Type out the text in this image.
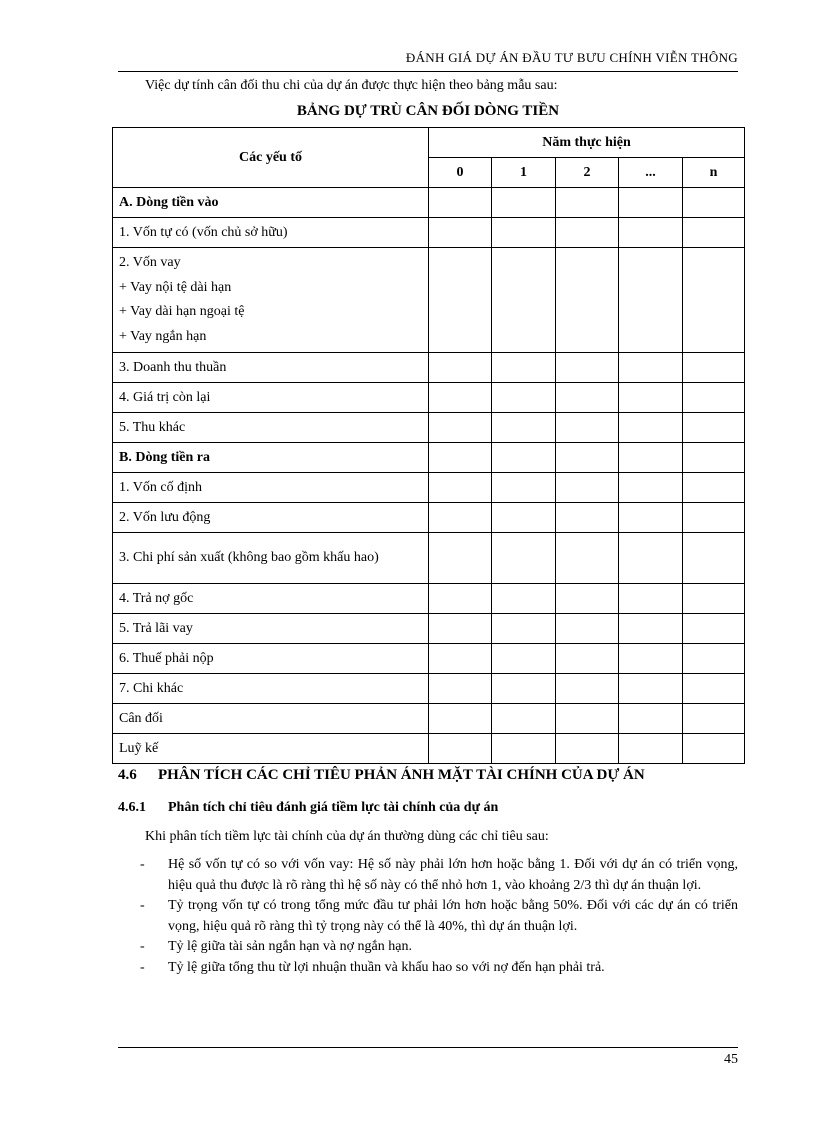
ĐÁNH GIÁ DỰ ÁN ĐẦU TƯ BƯU CHÍNH VIỄN THÔNG
Việc dự tính cân đối thu chi của dự án được thực hiện theo bảng mẫu sau:
BẢNG DỰ TRÙ CÂN ĐỐI DÒNG TIỀN
Các yếu tố	Năm thực hiện				
	0	1	2	...	n
A. Dòng tiền vào					
1. Vốn tự có (vốn chủ sở hữu)					

2. Vốn vay
+ Vay nội tệ dài hạn
+ Vay dài hạn ngoại tệ
+ Vay ngắn hạn					

3. Doanh thu thuần					
4. Giá trị còn lại					
5. Thu khác					
B. Dòng tiền ra					
1. Vốn cố định					
2. Vốn lưu động					
3. Chi phí sản xuất (không bao gồm khấu hao)					
4. Trả nợ gốc					
5. Trả lãi vay					
6. Thuế phải nộp					
7. Chi khác					
Cân đối					
Luỹ kế					
4.6 PHÂN TÍCH CÁC CHỈ TIÊU PHẢN ÁNH MẶT TÀI CHÍNH CỦA DỰ ÁN
4.6.1 Phân tích chỉ tiêu đánh giá tiềm lực tài chính của dự án
Khi phân tích tiềm lực tài chính của dự án thường dùng các chỉ tiêu sau:
- Hệ số vốn tự có so với vốn vay: Hệ số này phải lớn hơn hoặc bằng 1. Đối với dự án có triển vọng, hiệu quả thu được là rõ ràng thì hệ số này có thể nhỏ hơn 1, vào khoảng 2/3 thì dự án thuận lợi.
- Tỷ trọng vốn tự có trong tổng mức đầu tư phải lớn hơn hoặc bằng 50%. Đối với các dự án có triển vọng, hiệu quả rõ ràng thì tỷ trọng này có thể là 40%, thì dự án thuận lợi.
- Tỷ lệ giữa tài sản ngắn hạn và nợ ngắn hạn.
- Tỷ lệ giữa tổng thu từ lợi nhuận thuần và khấu hao so với nợ đến hạn phải trả.
45
